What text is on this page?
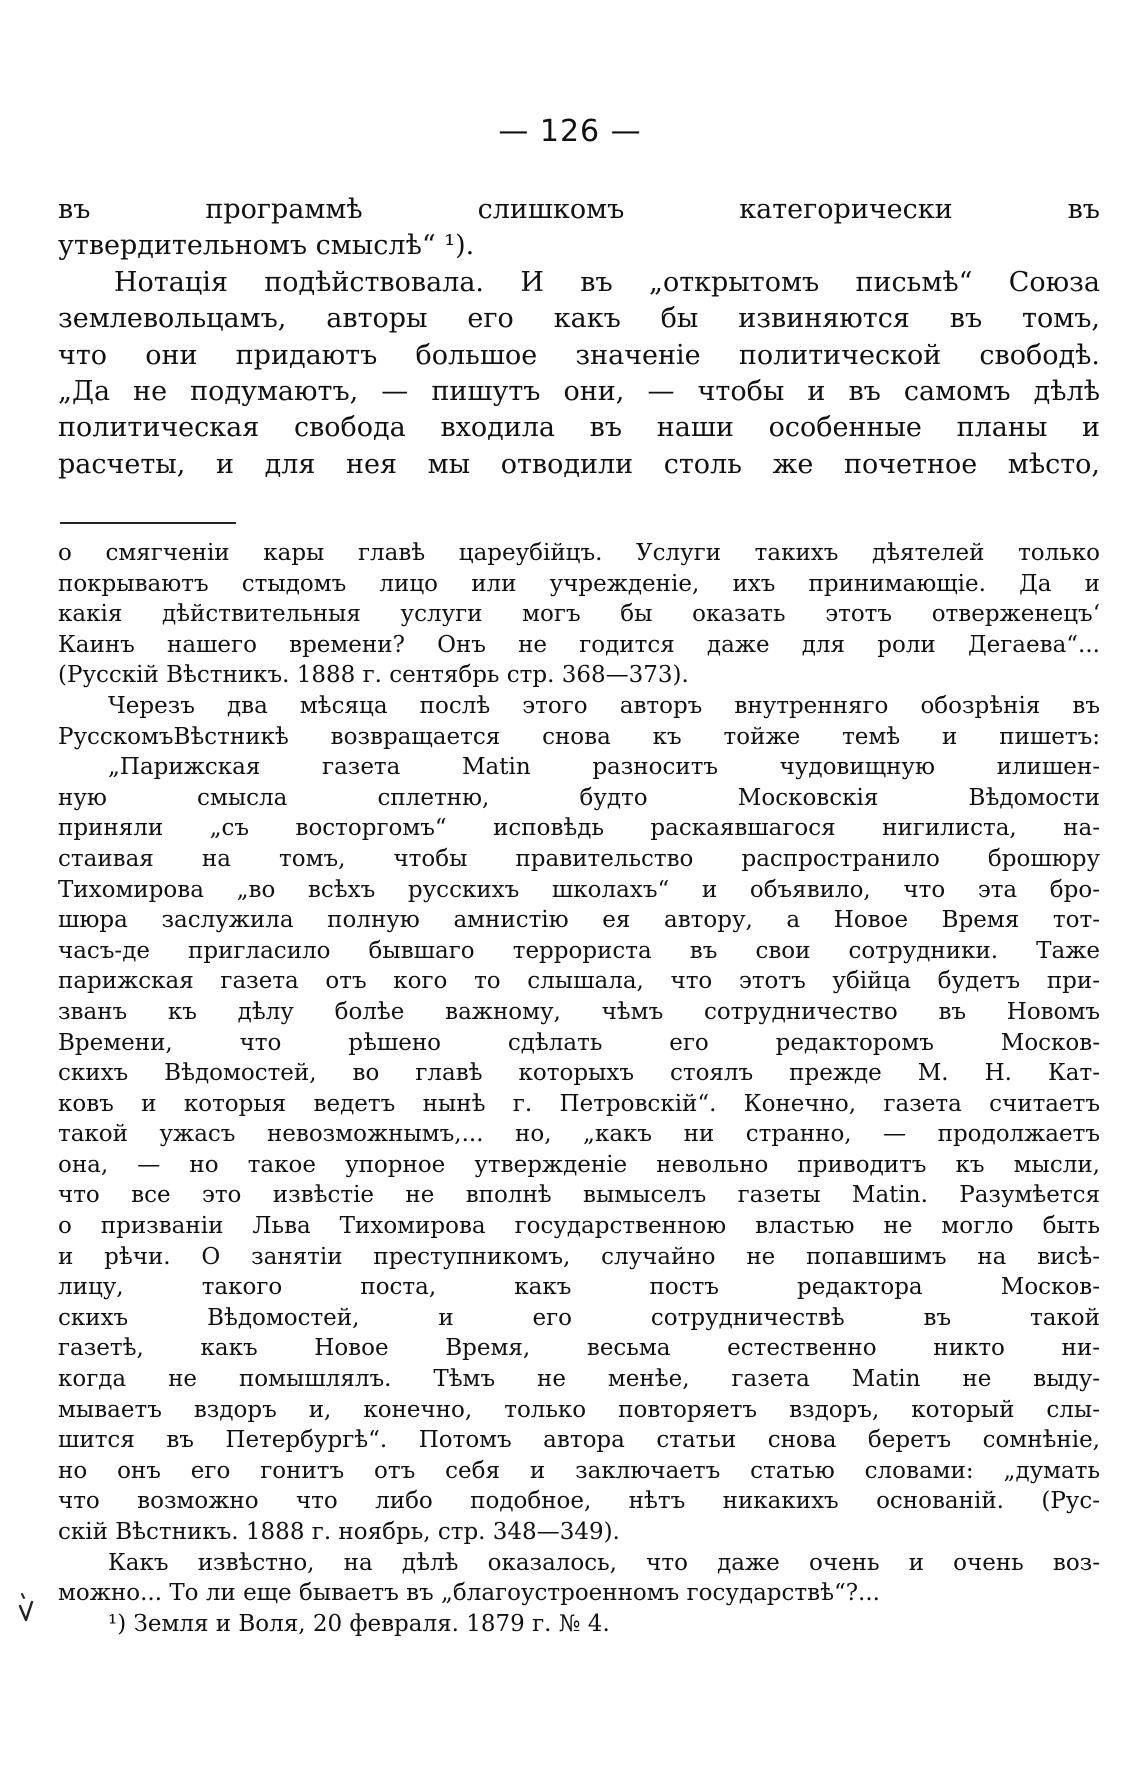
— 126 —
въ программѣ слишкомъ категорически въ
утвердительномъ смыслѣ“ ¹).
Нотація подѣйствовала. И въ „открытомъ письмѣ“ Союза
землевольцамъ, авторы его какъ бы извиняются въ томъ,
что они придаютъ большое значеніе политической свободѣ.
„Да не подумаютъ, — пишутъ они, — чтобы и въ самомъ дѣлѣ
политическая свобода входила въ наши особенные планы и
расчеты, и для нея мы отводили столь же почетное мѣсто,
о смягченіи кары главѣ цареубійцъ. Услуги такихъ дѣятелей только
покрываютъ стыдомъ лицо или учрежденіе, ихъ принимающіе. Да и
какія дѣйствительныя услуги могъ бы оказать этотъ отверженецъ‘
Каинъ нашего времени? Онъ не годится даже для роли Дегаева“...
(Русскій Вѣстникъ. 1888 г. сентябрь стр. 368—373).
Черезъ два мѣсяца послѣ этого авторъ внутренняго обозрѣнія въ
РусскомъВѣстникѣ возвращается снова къ тойже темѣ и пишетъ:
„Парижская газета Matin разноситъ чудовищную илишен-
ную смысла сплетню, будто Московскія Вѣдомости
приняли „съ восторгомъ“ исповѣдь раскаявшагося нигилиста, на-
стаивая на томъ, чтобы правительство распространило брошюру
Тихомирова „во всѣхъ русскихъ школахъ“ и объявило, что эта бро-
шюра заслужила полную амнистію ея автору, а Новое Время тот-
часъ-де пригласило бывшаго террориста въ свои сотрудники. Таже
парижская газета отъ кого то слышала, что этотъ убійца будетъ при-
званъ къ дѣлу болѣе важному, чѣмъ сотрудничество въ Новомъ
Времени, что рѣшено сдѣлать его редакторомъ Москов-
скихъ Вѣдомостей, во главѣ которыхъ стоялъ прежде М. Н. Кат-
ковъ и которыя ведетъ нынѣ г. Петровскій“. Конечно, газета считаетъ
такой ужасъ невозможнымъ,... но, „какъ ни странно, — продолжаетъ
она, — но такое упорное утвержденіе невольно приводитъ къ мысли,
что все это извѣстіе не вполнѣ вымыселъ газеты Matin. Разумѣется
о призваніи Льва Тихомирова государственною властью не могло быть
и рѣчи. О занятіи преступникомъ, случайно не попавшимъ на висѣ-
лицу, такого поста, какъ постъ редактора Москов-
скихъ Вѣдомостей, и его сотрудничествѣ въ такой
газетѣ, какъ Новое Время, весьма естественно никто ни-
когда не помышлялъ. Тѣмъ не менѣе, газета Matin не выду-
мываетъ вздоръ и, конечно, только повторяетъ вздоръ, который слы-
шится въ Петербургѣ“. Потомъ автора статьи снова беретъ сомнѣніе,
но онъ его гонитъ отъ себя и заключаетъ статью словами: „думать
что возможно что либо подобное, нѣтъ никакихъ основаній. (Рус-
скій Вѣстникъ. 1888 г. ноябрь, стр. 348—349).
Какъ извѣстно, на дѣлѣ оказалось, что даже очень и очень воз-
можно... То ли еще бываетъ въ „благоустроенномъ государствѣ“?...
¹) Земля и Воля, 20 февраля. 1879 г. № 4.
